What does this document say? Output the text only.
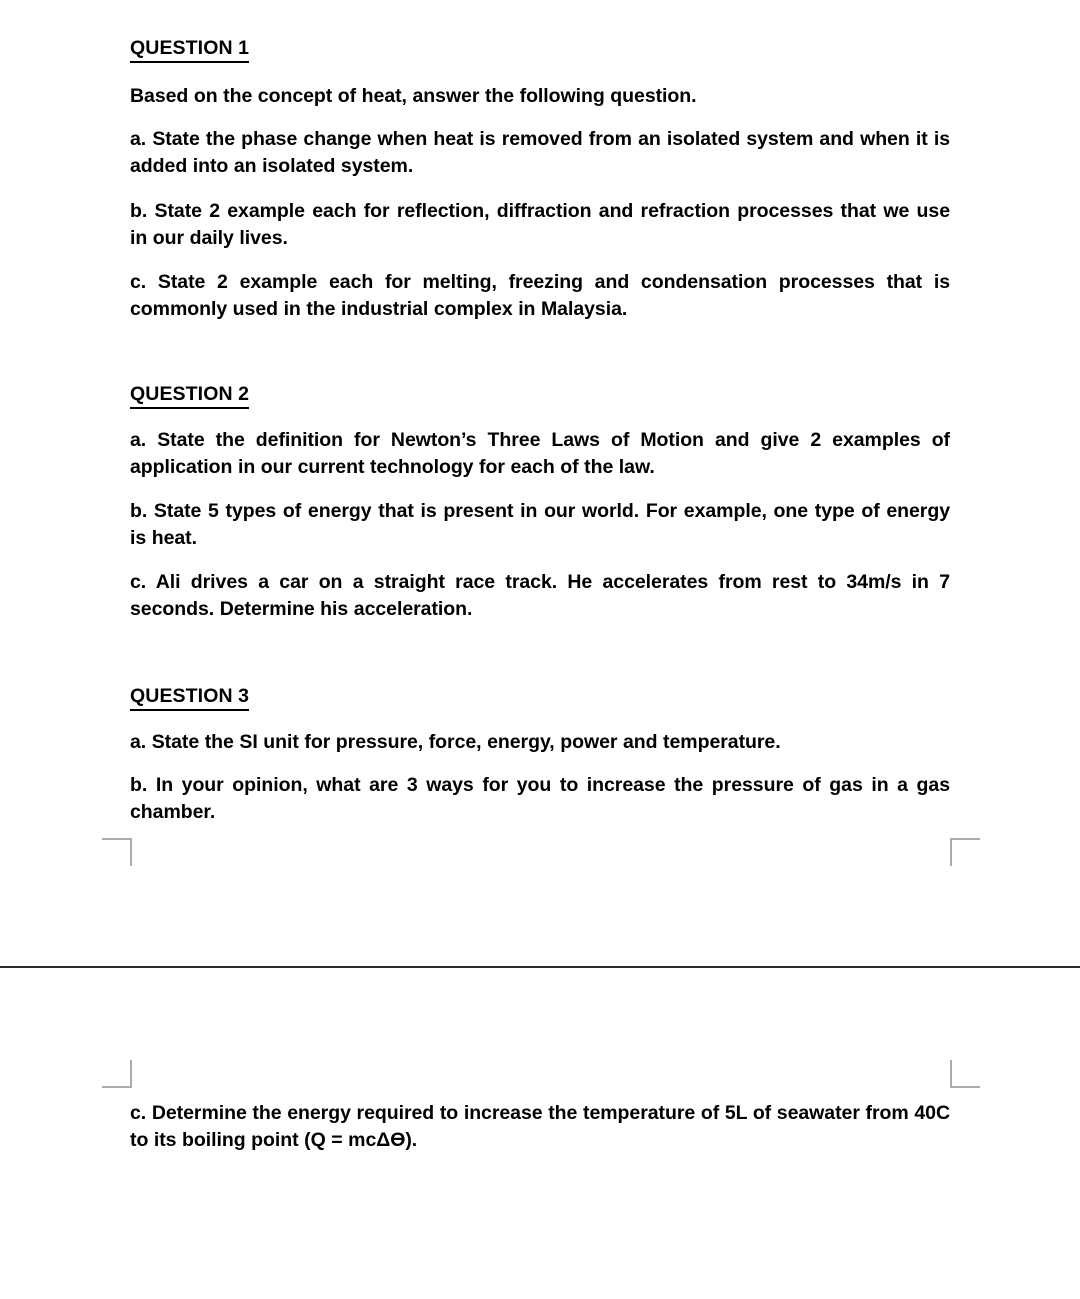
QUESTION 1

Based on the concept of heat, answer the following question.

a. State the phase change when heat is removed from an isolated system and when it is added into an isolated system.

b. State 2 example each for reflection, diffraction and refraction processes that we use in our daily lives.

c. State 2 example each for melting, freezing and condensation processes that is commonly used in the industrial complex in Malaysia.

QUESTION 2

a. State the definition for Newton’s Three Laws of Motion and give 2 examples of application in our current technology for each of the law.

b. State 5 types of energy that is present in our world. For example, one type of energy is heat.

c. Ali drives a car on a straight race track. He accelerates from rest to 34m/s in 7 seconds. Determine his acceleration.

QUESTION 3

a. State the SI unit for pressure, force, energy, power and temperature.

b. In your opinion, what are 3 ways for you to increase the pressure of gas in a gas chamber.

c. Determine the energy required to increase the temperature of 5L of seawater from 40C to its boiling point (Q = mcΔϴ).
